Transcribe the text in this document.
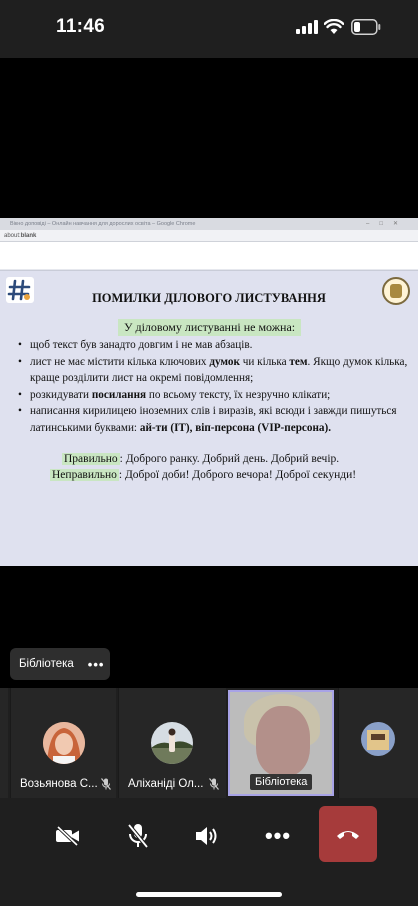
11:46
Вікно доповіді – Онлайн навчання для дорослих освіта – Google Chrome	–□✕
about:blank
ПОМИЛКИ ДІЛОВОГО ЛИСТУВАННЯ
У діловому листуванні не можна:
• щоб текст був занадто довгим і не мав абзаців.
• лист не має містити кілька ключових думок чи кілька тем. Якщо думок кілька, краще розділити лист на окремі повідомлення;
• розкидувати посилання по всьому тексту, їх незручно клікати;
• написання кирилицею іноземних слів і виразів, які всюди і завжди пишуться латинськими буквами: ай-ти (IT), віп-персона (VIP-персона).
Правильно : Доброго ранку. Добрий день. Добрий вечір.
Неправильно : Доброї доби! Доброго вечора! Доброї секунди!
Бібліотека •••
Возьянова С...	Аліханіді Ол...	Бібліотека
•••
